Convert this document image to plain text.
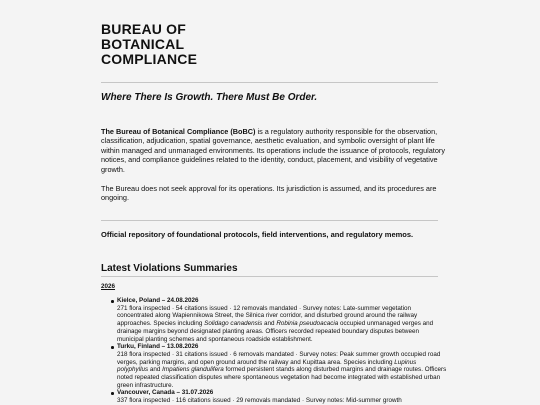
BUREAU OF
BOTANICAL
COMPLIANCE

Where There Is Growth. There Must Be Order.

The Bureau of Botanical Compliance (BoBC) is a regulatory authority responsible for the observation, classification, adjudication, spatial governance, aesthetic evaluation, and symbolic oversight of plant life within managed and unmanaged environments. Its operations include the issuance of protocols, regulatory notices, and compliance guidelines related to the identity, conduct, placement, and visibility of vegetative growth.

The Bureau does not seek approval for its operations. Its jurisdiction is assumed, and its procedures are ongoing.

Official repository of foundational protocols, field interventions, and regulatory memos.

Latest Violations Summaries

2026

Kielce, Poland – 24.08.2026
271 flora inspected · 54 citations issued · 12 removals mandated · Survey notes: Late-summer vegetation concentrated along Wapiennikowa Street, the Silnica river corridor, and disturbed ground around the railway approaches. Species including Solidago canadensis and Robinia pseudoacacia occupied unmanaged verges and drainage margins beyond designated planting areas. Officers recorded repeated boundary disputes between municipal planting schemes and spontaneous roadside establishment.
Turku, Finland – 13.08.2026
218 flora inspected · 31 citations issued · 6 removals mandated · Survey notes: Peak summer growth occupied road verges, parking margins, and open ground around the railway and Kupittaa area. Species including Lupinus polyphyllus and Impatiens glandulifera formed persistent stands along disturbed margins and drainage routes. Officers noted repeated classification disputes where spontaneous vegetation had become integrated with established urban green infrastructure.
Vancouver, Canada – 31.07.2026
337 flora inspected · 116 citations issued · 29 removals mandated · Survey notes: Mid-summer growth
